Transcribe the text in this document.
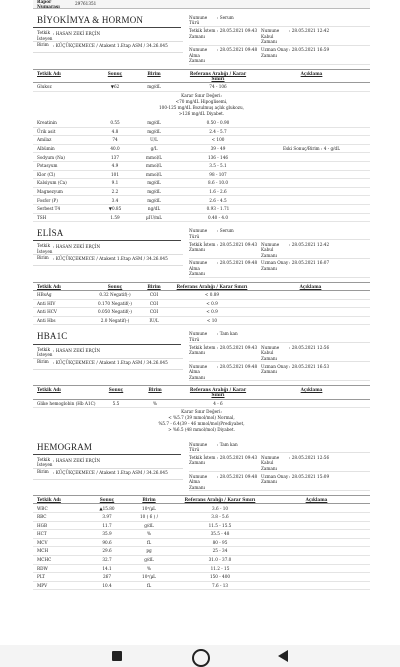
Rapor Numarası
29761351
BİYOKİMYA & HORMON
Tetkik İsteyen
: HASAN ZEKİ ERÇİN
Birim	: KÜÇÜKÇEKMECE / Atakent 1.Etap ASM / 34.26.045
Numune Türü
: Serum
Tetkik İstem Zamanı
: 28.05.2021 09:43 Numune Kabul Zamanı
: 28.05.2021 12:42
Numune Alma Zamanı
: 28.05.2021 09:48 Uzman Onay Zamanı
: 28.05.2021 16:59
Tetkik Adı	Sonuç	Birim	Referans Aralığı / Karar Sınırı
Açıklama
Glukoz	▼62	mg/dL	74 - 106
Karar Sınır Değeri:
<70 mg/dL Hipoglisemi,
100-125 mg/dL Bozulmuş açlık glukozu,
>126 mg/dL Diyabet.
Kreatinin	0.55	mg/dL	0.50 - 0.90
Ürik asit	4.8	mg/dL	2.4 - 5.7
Amilaz	74	U/L	< 100
Albümin	40.0	g/L	39 - 49	Eski Sonuç/Birim : 4 - g/dL
Sodyum (Na)	137	mmol/L	136 - 146
Potasyum	4.9	mmol/L	3.5 - 5.1
Klor (Cl)	101	mmol/L	98 - 107
Kalsiyum (Ca)	9.1	mg/dL	8.6 - 10.0
Magnezyum	2.2	mg/dL	1.6 - 2.6
Fosfor (P)	3.4	mg/dL	2.6 - 4.5
Serbest T4	▼0.85	ng/dL	0.93 - 1.71
TSH	1.59	µIU/mL	0.40 - 4.0
ELİSA
Tetkik İsteyen
: HASAN ZEKİ ERÇİN
Birim	: KÜÇÜKÇEKMECE / Atakent 1.Etap ASM / 34.26.045
Numune Türü
: Serum
Tetkik İstem Zamanı
: 28.05.2021 09:43 Numune Kabul Zamanı
: 28.05.2021 12:42
Numune Alma Zamanı
: 28.05.2021 09:48 Uzman Onay Zamanı
: 28.05.2021 16:07
Tetkik Adı	Sonuç	Birim	Referans Aralığı / Karar Sınırı	Açıklama
HBsAg	0.32 Negatif(-)	COI	< 0.89
Anti HIV	0.170 Negatif(-)	COI	< 0.9
Anti HCV	0.050 Negatif(-)	COI	< 0.9
Anti Hbs	2.0 Negatif(-)	IU/L	< 10
HBA1C
Tetkik İsteyen
: HASAN ZEKİ ERÇİN
Birim	: KÜÇÜKÇEKMECE / Atakent 1.Etap ASM / 34.26.045
Numune Türü
: Tam kan
Tetkik İstem Zamanı
: 28.05.2021 09:43 Numune Kabul Zamanı
: 28.05.2021 12:56
Numune Alma Zamanı
: 28.05.2021 09:48 Uzman Onay Zamanı
: 28.05.2021 16:53
Tetkik Adı	Sonuç	Birim	Referans Aralığı / Karar Sınırı
Açıklama
Glike hemoglobin (Hb A1C)	5.5	%	4 - 6
Karar Sınır Değeri:
< %5.7 (39 mmol/mol) Normal,
%5.7 - 6.4(39 - 46 mmol/mol)Prediyabet,
> %6.5 (48 mmol/mol) Diyabet.
HEMOGRAM
Tetkik İsteyen
: HASAN ZEKİ ERÇİN
Birim	: KÜÇÜKÇEKMECE / Atakent 1.Etap ASM / 34.26.045
Numune Türü
: Tam kan
Tetkik İstem Zamanı
: 28.05.2021 09:43 Numune Kabul Zamanı
: 28.05.2021 12:56
Numune Alma Zamanı
: 28.05.2021 09:48 Uzman Onay Zamanı
: 28.05.2021 15:09
Tetkik Adı	Sonuç	Birim	Referans Aralığı / Karar Sınırı	Açıklama
WBC	▲15.80	10³/µL	3.6 - 10
RBC	3.97	10 ( 6 ) /	3.8 - 5.6
HGB	11.7	g/dL	11.5 - 15.5
HCT	35.9	%	35.5 - 48
MCV	90.6	fL	80 - 95
MCH	29.6	pg	25 - 34
MCHC	32.7	g/dL	31.0 - 37.0
RDW	14.1	%	11.2 - 15
PLT	267	10³/µL	150 - 400
MPV	10.4	fL	7.6 - 13
